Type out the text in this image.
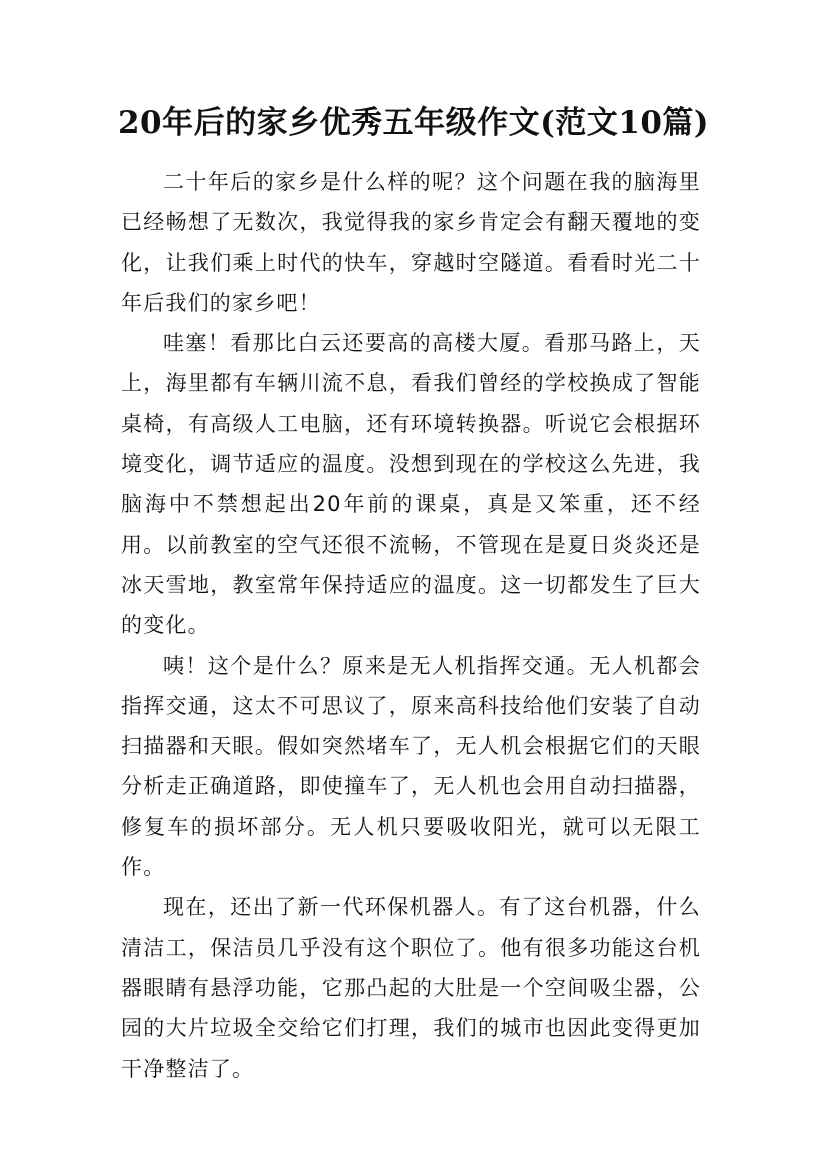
20年后的家乡优秀五年级作文(范文10篇)

二十年后的家乡是什么样的呢？这个问题在我的脑海里已经畅想了无数次，我觉得我的家乡肯定会有翻天覆地的变化，让我们乘上时代的快车，穿越时空隧道。看看时光二十年后我们的家乡吧！

哇塞！看那比白云还要高的高楼大厦。看那马路上，天上，海里都有车辆川流不息，看我们曾经的学校换成了智能桌椅，有高级人工电脑，还有环境转换器。听说它会根据环境变化，调节适应的温度。没想到现在的学校这么先进，我脑海中不禁想起出20年前的课桌，真是又笨重，还不经用。以前教室的空气还很不流畅，不管现在是夏日炎炎还是冰天雪地，教室常年保持适应的温度。这一切都发生了巨大的变化。

咦！这个是什么？原来是无人机指挥交通。无人机都会指挥交通，这太不可思议了，原来高科技给他们安装了自动扫描器和天眼。假如突然堵车了，无人机会根据它们的天眼分析走正确道路，即使撞车了，无人机也会用自动扫描器，修复车的损坏部分。无人机只要吸收阳光，就可以无限工作。

现在，还出了新一代环保机器人。有了这台机器，什么清洁工，保洁员几乎没有这个职位了。他有很多功能这台机器眼睛有悬浮功能，它那凸起的大肚是一个空间吸尘器，公园的大片垃圾全交给它们打理，我们的城市也因此变得更加干净整洁了。
